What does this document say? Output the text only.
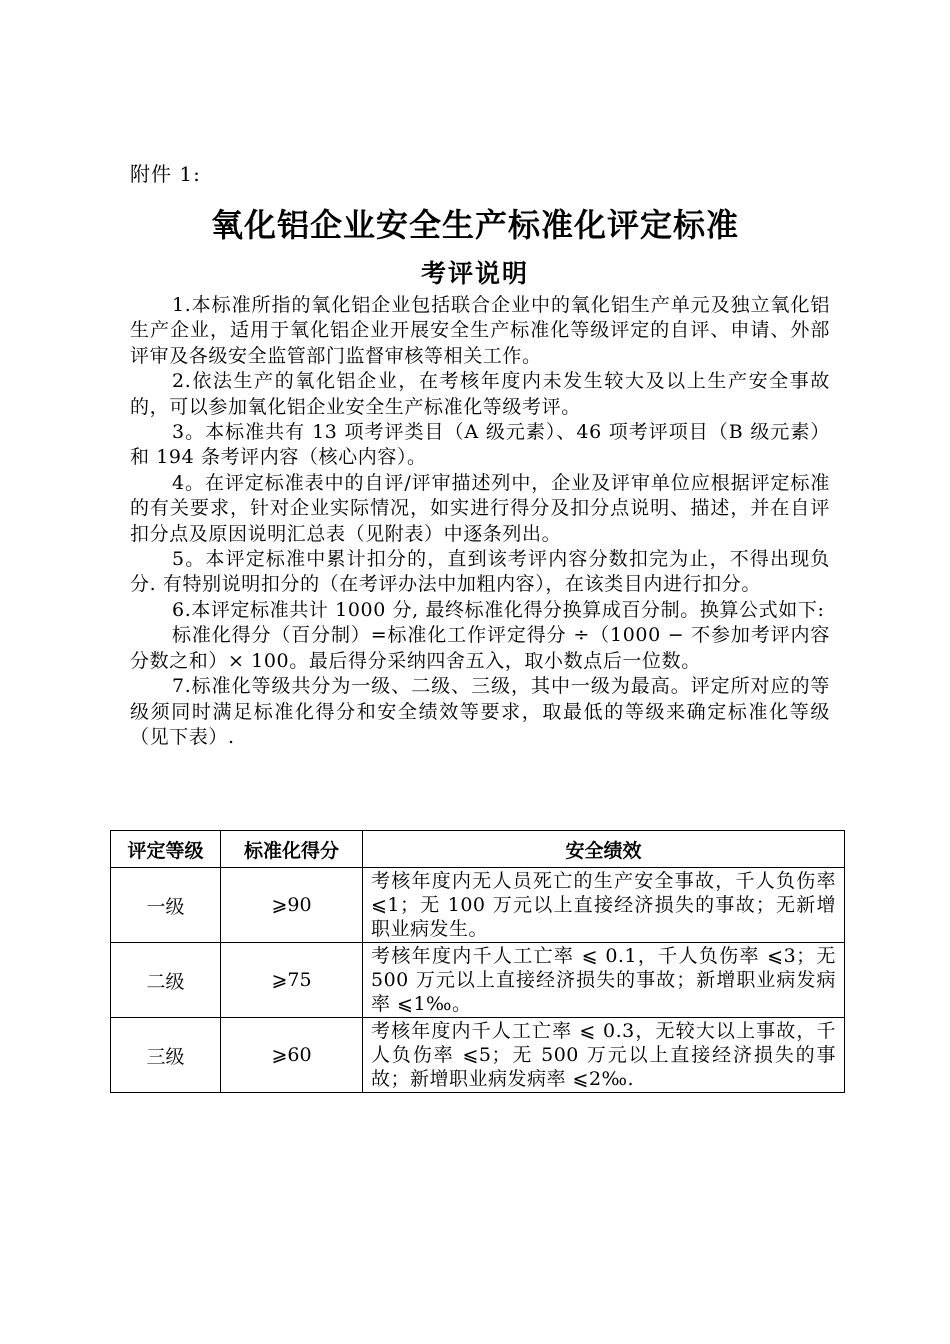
附件 1:
氧化铝企业安全生产标准化评定标准
考评说明

1.本标准所指的氧化铝企业包括联合企业中的氧化铝生产单元及独立氧化铝生产企业，适用于氧化铝企业开展安全生产标准化等级评定的自评、申请、外部评审及各级安全监管部门监督审核等相关工作。

2.依法生产的氧化铝企业，在考核年度内未发生较大及以上生产安全事故的，可以参加氧化铝企业安全生产标准化等级考评。

3。本标准共有 13 项考评类目（A 级元素）、46 项考评项目（B 级元素）和 194 条考评内容（核心内容）。

4。在评定标准表中的自评/评审描述列中，企业及评审单位应根据评定标准的有关要求，针对企业实际情况，如实进行得分及扣分点说明、描述，并在自评扣分点及原因说明汇总表（见附表）中逐条列出。

5。本评定标准中累计扣分的，直到该考评内容分数扣完为止，不得出现负分. 有特别说明扣分的（在考评办法中加粗内容），在该类目内进行扣分。

6.本评定标准共计 1000 分, 最终标准化得分换算成百分制。换算公式如下:

标准化得分（百分制）=标准化工作评定得分 ÷（1000 − 不参加考评内容分数之和）× 100。最后得分采纳四舍五入，取小数点后一位数。

7.标准化等级共分为一级、二级、三级，其中一级为最高。评定所对应的等级须同时满足标准化得分和安全绩效等要求，取最低的等级来确定标准化等级（见下表）.

评定等级	标准化得分	安全绩效
一级	⩾90	考核年度内无人员死亡的生产安全事故，千人负伤率 ⩽1；无 100 万元以上直接经济损失的事故；无新增职业病发生。
二级	⩾75	考核年度内千人工亡率 ⩽ 0.1，千人负伤率 ⩽3；无 500 万元以上直接经济损失的事故；新增职业病发病率 ⩽1‰。
三级	⩾60	考核年度内千人工亡率 ⩽ 0.3，无较大以上事故，千人负伤率 ⩽5；无 500 万元以上直接经济损失的事故；新增职业病发病率 ⩽2‰.
